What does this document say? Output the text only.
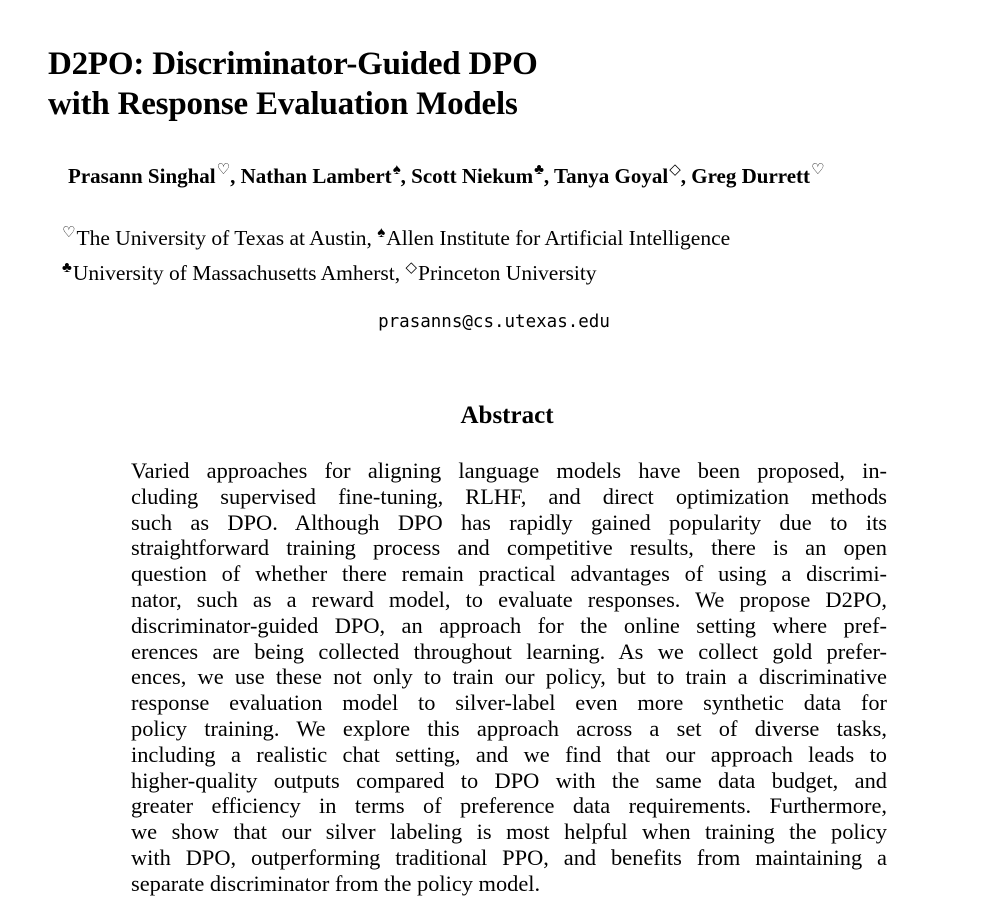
D2PO: Discriminator-Guided DPO
with Response Evaluation Models
Prasann Singhal♡, Nathan Lambert♠, Scott Niekum♣, Tanya Goyal◇, Greg Durrett♡
♡The University of Texas at Austin, ♠Allen Institute for Artificial Intelligence
♣University of Massachusetts Amherst, ◇Princeton University
prasanns@cs.utexas.edu
Abstract
Varied approaches for aligning language models have been proposed, in-
cluding supervised fine-tuning, RLHF, and direct optimization methods
such as DPO. Although DPO has rapidly gained popularity due to its
straightforward training process and competitive results, there is an open
question of whether there remain practical advantages of using a discrimi-
nator, such as a reward model, to evaluate responses. We propose D2PO,
discriminator-guided DPO, an approach for the online setting where pref-
erences are being collected throughout learning. As we collect gold prefer-
ences, we use these not only to train our policy, but to train a discriminative
response evaluation model to silver-label even more synthetic data for
policy training. We explore this approach across a set of diverse tasks,
including a realistic chat setting, and we find that our approach leads to
higher-quality outputs compared to DPO with the same data budget, and
greater efficiency in terms of preference data requirements. Furthermore,
we show that our silver labeling is most helpful when training the policy
with DPO, outperforming traditional PPO, and benefits from maintaining a
separate discriminator from the policy model.
